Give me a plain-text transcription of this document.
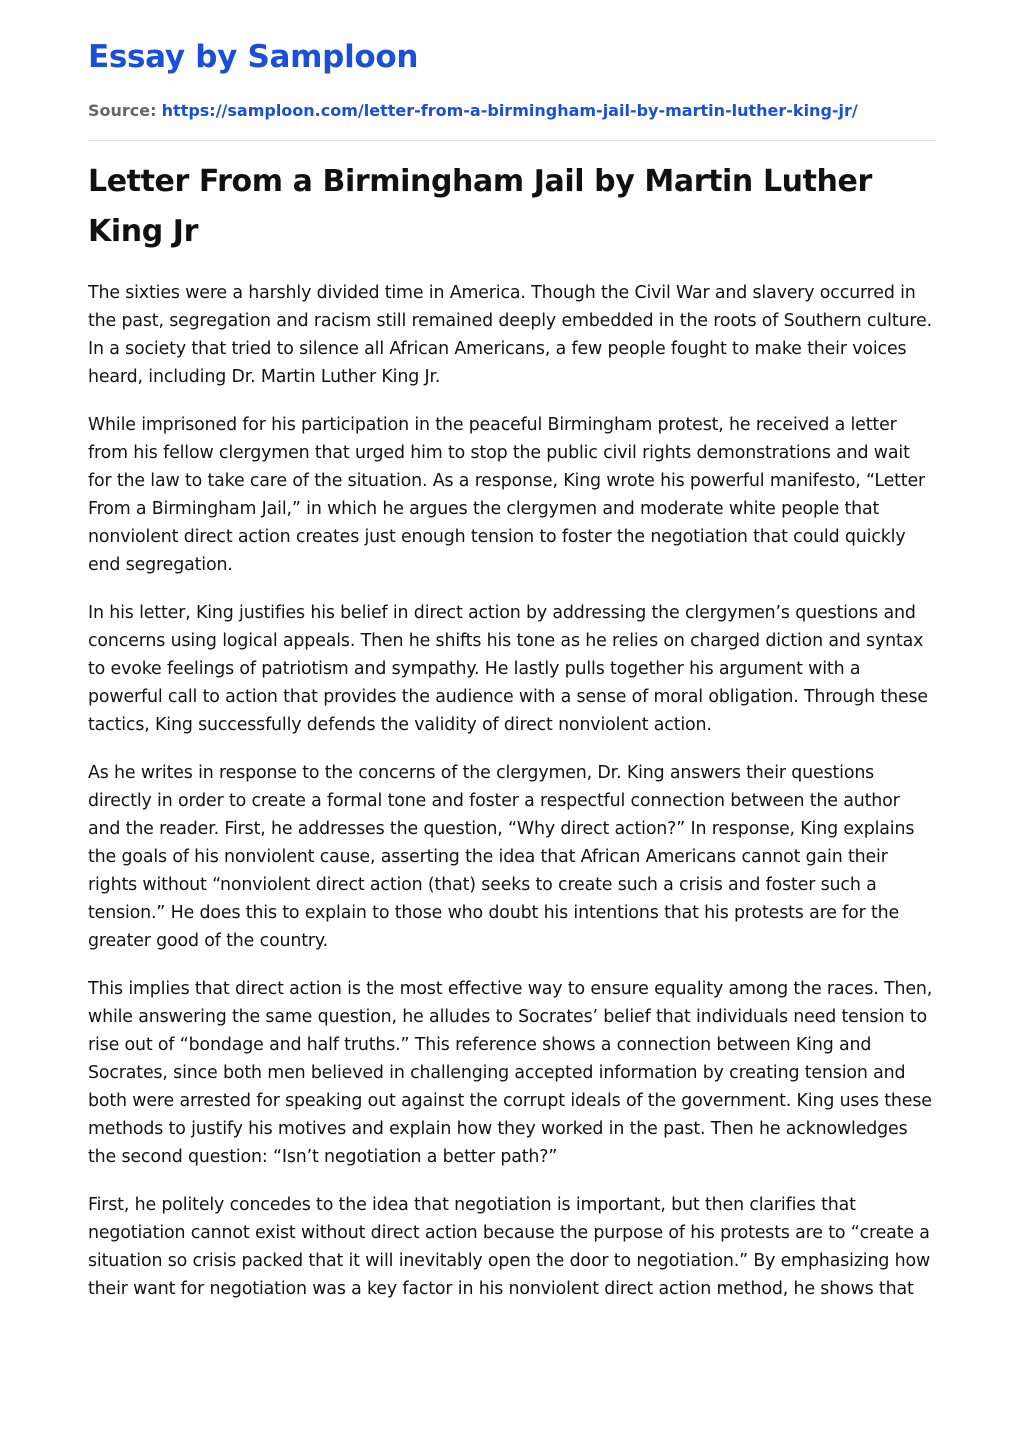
Essay by Samploon
Source: https://samploon.com/letter-from-a-birmingham-jail-by-martin-luther-king-jr/
Letter From a Birmingham Jail by Martin Luther King Jr

The sixties were a harshly divided time in America. Though the Civil War and slavery occurred in the past, segregation and racism still remained deeply embedded in the roots of Southern culture. In a society that tried to silence all African Americans, a few people fought to make their voices heard, including Dr. Martin Luther King Jr.

While imprisoned for his participation in the peaceful Birmingham protest, he received a letter from his fellow clergymen that urged him to stop the public civil rights demonstrations and wait for the law to take care of the situation. As a response, King wrote his powerful manifesto, “Letter From a Birmingham Jail,” in which he argues the clergymen and moderate white people that nonviolent direct action creates just enough tension to foster the negotiation that could quickly end segregation.

In his letter, King justifies his belief in direct action by addressing the clergymen’s questions and concerns using logical appeals. Then he shifts his tone as he relies on charged diction and syntax to evoke feelings of patriotism and sympathy. He lastly pulls together his argument with a powerful call to action that provides the audience with a sense of moral obligation. Through these tactics, King successfully defends the validity of direct nonviolent action.

As he writes in response to the concerns of the clergymen, Dr. King answers their questions directly in order to create a formal tone and foster a respectful connection between the author and the reader. First, he addresses the question, “Why direct action?” In response, King explains the goals of his nonviolent cause, asserting the idea that African Americans cannot gain their rights without “nonviolent direct action (that) seeks to create such a crisis and foster such a tension.” He does this to explain to those who doubt his intentions that his protests are for the greater good of the country.

This implies that direct action is the most effective way to ensure equality among the races. Then, while answering the same question, he alludes to Socrates’ belief that individuals need tension to rise out of “bondage and half truths.” This reference shows a connection between King and Socrates, since both men believed in challenging accepted information by creating tension and both were arrested for speaking out against the corrupt ideals of the government. King uses these methods to justify his motives and explain how they worked in the past. Then he acknowledges the second question: “Isn’t negotiation a better path?”

First, he politely concedes to the idea that negotiation is important, but then clarifies that negotiation cannot exist without direct action because the purpose of his protests are to “create a situation so crisis packed that it will inevitably open the door to negotiation.” By emphasizing how their want for negotiation was a key factor in his nonviolent direct action method, he shows that
